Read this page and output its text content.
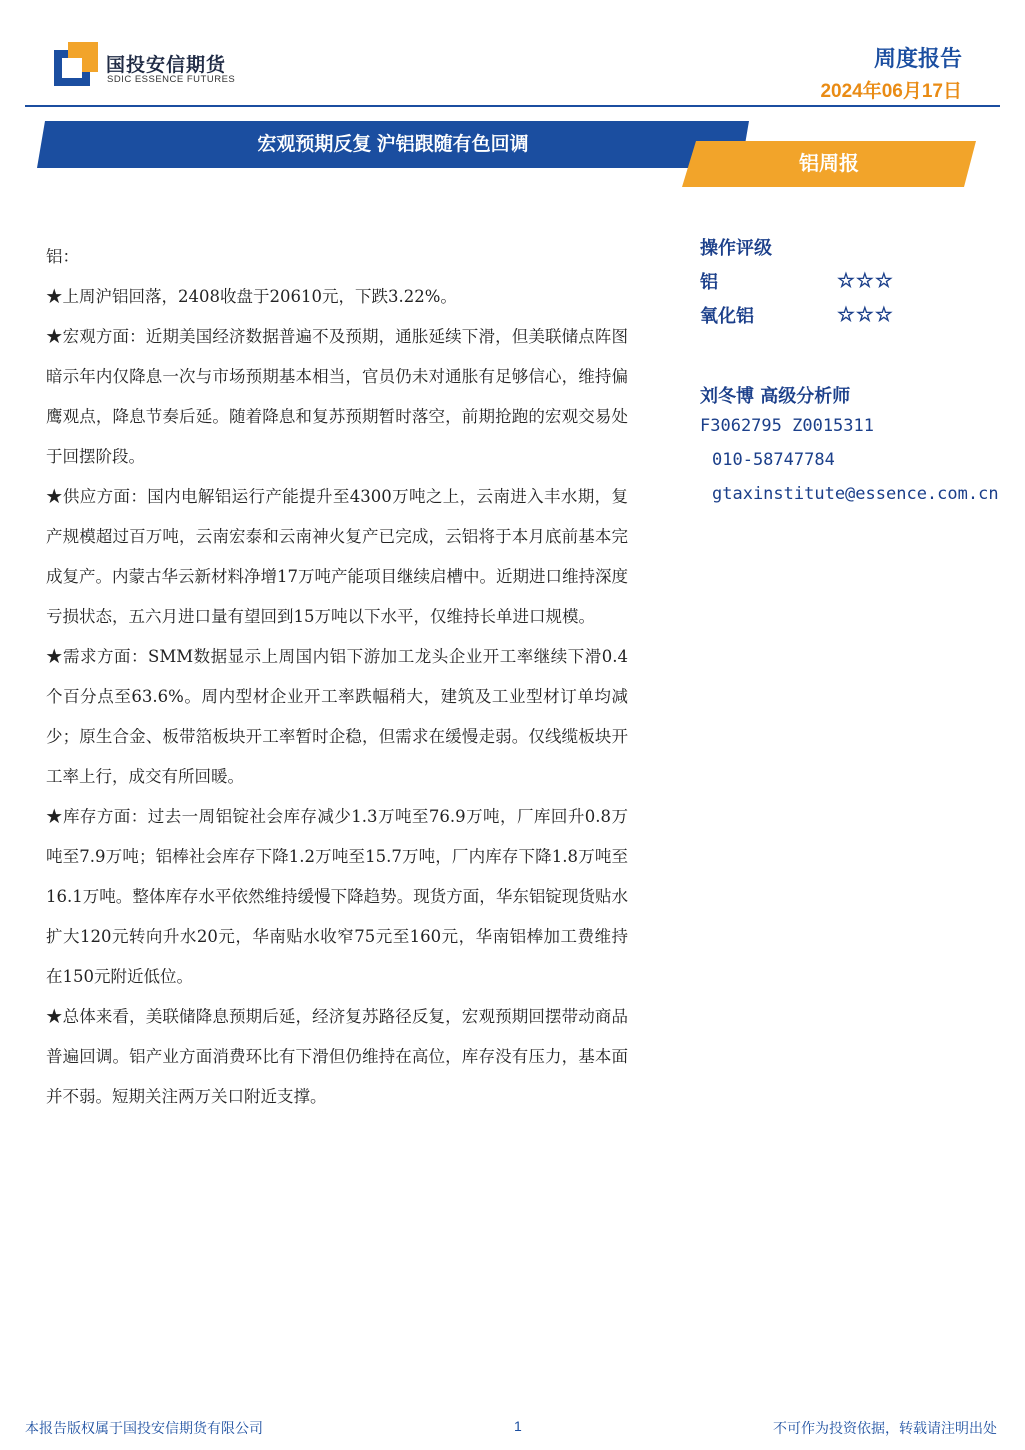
国投安信期货
SDIC ESSENCE FUTURES
周度报告
2024年06月17日
宏观预期反复 沪铝跟随有色回调
铝周报

铝：

★上周沪铝回落，2408收盘于20610元，下跌3.22%。

★宏观方面：近期美国经济数据普遍不及预期，通胀延续下滑，但美联储点阵图暗示年内仅降息一次与市场预期基本相当，官员仍未对通胀有足够信心，维持偏鹰观点，降息节奏后延。随着降息和复苏预期暂时落空，前期抢跑的宏观交易处于回摆阶段。

★供应方面：国内电解铝运行产能提升至4300万吨之上，云南进入丰水期，复产规模超过百万吨，云南宏泰和云南神火复产已完成，云铝将于本月底前基本完成复产。内蒙古华云新材料净增17万吨产能项目继续启槽中。近期进口维持深度亏损状态，五六月进口量有望回到15万吨以下水平，仅维持长单进口规模。

★需求方面：SMM数据显示上周国内铝下游加工龙头企业开工率继续下滑0.4个百分点至63.6%。周内型材企业开工率跌幅稍大，建筑及工业型材订单均减少；原生合金、板带箔板块开工率暂时企稳，但需求在缓慢走弱。仅线缆板块开工率上行，成交有所回暖。

★库存方面：过去一周铝锭社会库存减少1.3万吨至76.9万吨，厂库回升0.8万吨至7.9万吨；铝棒社会库存下降1.2万吨至15.7万吨，厂内库存下降1.8万吨至16.1万吨。整体库存水平依然维持缓慢下降趋势。现货方面，华东铝锭现货贴水扩大120元转向升水20元，华南贴水收窄75元至160元，华南铝棒加工费维持在150元附近低位。

★总体来看，美联储降息预期后延，经济复苏路径反复，宏观预期回摆带动商品普遍回调。铝产业方面消费环比有下滑但仍维持在高位，库存没有压力，基本面并不弱。短期关注两万关口附近支撑。

操作评级
铝	☆☆☆
氧化铝	☆☆☆
刘冬博 高级分析师
F3062795 Z0015311
010-58747784
gtaxinstitute@essence.com.cn
本报告版权属于国投安信期货有限公司	1	不可作为投资依据，转载请注明出处
